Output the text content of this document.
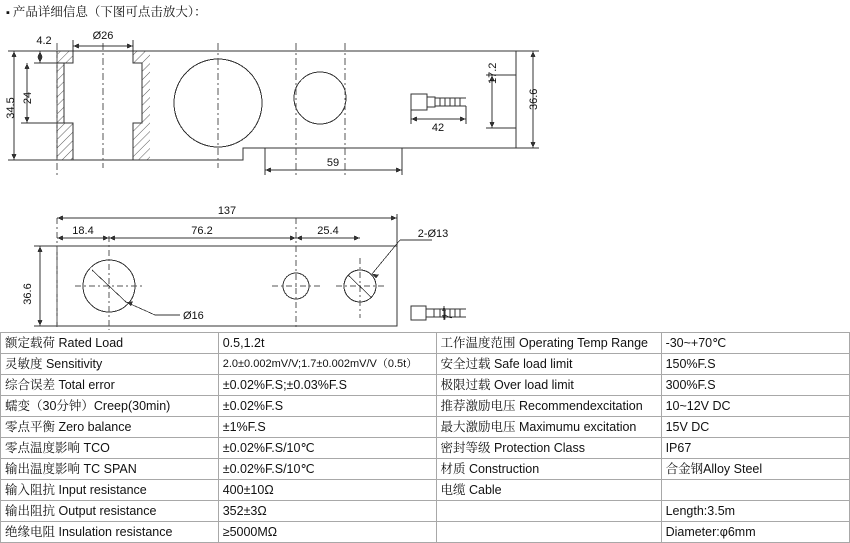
▪ 产品详细信息（下图可点击放大）：
Ø26
4.2
24
34.5
17.2
36.6
42
59
137
18.4	76.2	25.4	2-Ø13
36.6
Ø16	7
额定载荷 Rated Load	0.5,1.2t	工作温度范围 Operating Temp Range	-30~+70℃
灵敏度 Sensitivity	2.0±0.002mV/V;1.7±0.002mV/V（0.5t）	安全过载 Safe load limit	150%F.S
综合误差 Total error	±0.02%F.S;±0.03%F.S	极限过载 Over load limit	300%F.S
蠕变（30分钟）Creep(30min)	±0.02%F.S	推荐激励电压 Recommendexcitation	10~12V DC
零点平衡 Zero balance	±1%F.S	最大激励电压 Maximumu excitation	15V DC
零点温度影响 TCO	±0.02%F.S/10℃	密封等级 Protection Class	IP67
输出温度影响 TC SPAN	±0.02%F.S/10℃	材质 Construction	合金钢Alloy Steel
输入阻抗 Input resistance	400±10Ω	电缆 Cable	
输出阻抗 Output resistance	352±3Ω		Length:3.5m
绝缘电阻 Insulation resistance	≥5000MΩ		Diameter:φ6mm
